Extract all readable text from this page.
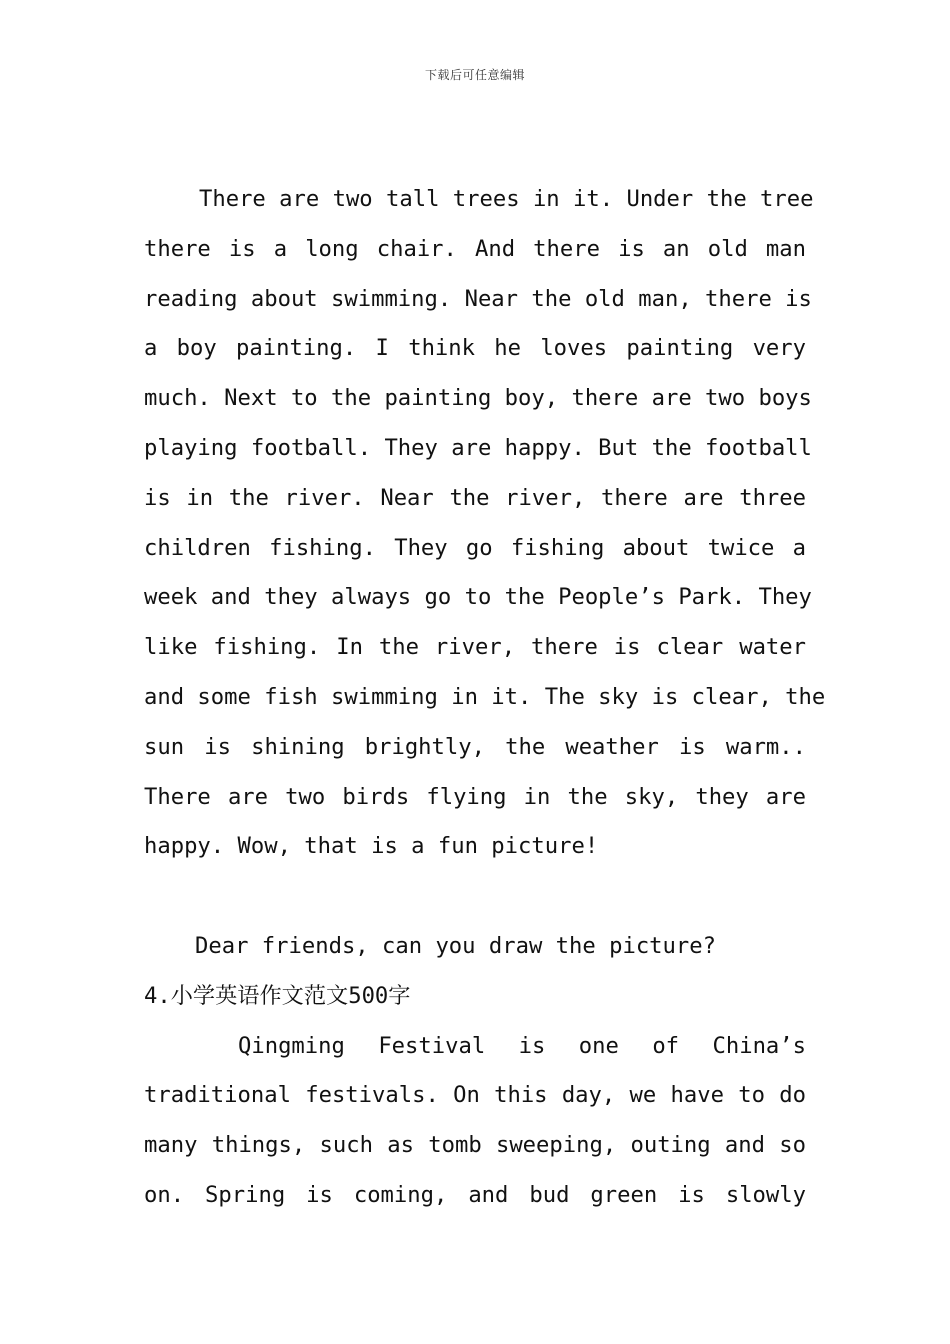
下载后可任意编辑
There are two tall trees in it. Under the tree
there is a long chair. And there is an old man
reading about swimming. Near the old man, there is
a boy painting. I think he loves painting very
much. Next to the painting boy, there are two boys
playing football. They are happy. But the football
is in the river. Near the river, there are three
children fishing. They go fishing about twice a
week and they always go to the People’s Park. They
like fishing. In the river, there is clear water
and some fish swimming in it. The sky is clear, the
sun is shining brightly, the weather is warm..
There are two birds flying in the sky, they are
happy. Wow, that is a fun picture!
Dear friends, can you draw the picture?
4.小学英语作文范文500字
Qingming Festival is one of China’s
traditional festivals. On this day, we have to do
many things, such as tomb sweeping, outing and so
on. Spring is coming, and bud green is slowly
